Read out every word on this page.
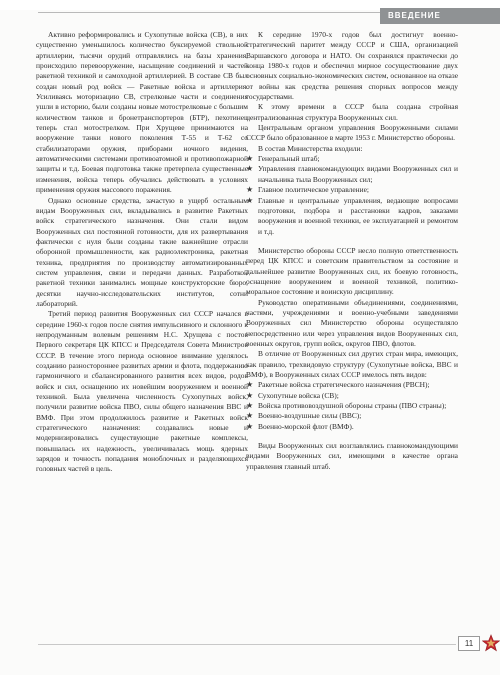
ВВЕДЕНИЕ

Активно реформировались и Сухопутные войска (СВ), в них существенно уменьшилось количество буксируемой ствольной артиллерии, тысячи орудий отправлялись на базы хранения, происходило перевооружение, насыщение соединений и частей ракетной техникой и самоходной артиллерией. В составе СВ был создан новый род войск — Ракетные войска и артиллерия. Усиливаясь моторизацию СВ, стрелковые части и соединения ушли в историю, были созданы новые мотострелковые с большим количеством танков и бронетранспортеров (БТР), пехотинец теперь стал мотострелком. При Хрущеве принимаются на вооружение танки нового поколения Т-55 и Т-62 со стабилизаторами оружия, приборами ночного видения, автоматическими системами противоатомной и противопожарной защиты и т.д. Боевая подготовка также претерпела существенные изменения, войска теперь обучались действовать в условиях применения оружия массового поражения.

Однако основные средства, зачастую в ущерб остальным видам Вооруженных сил, вкладывались в развитие Ракетных войск стратегического назначения. Они стали видом Вооруженных сил постоянной готовности, для их развертывания фактически с нуля были созданы такие важнейшие отрасли оборонной промышленности, как радиоэлектроника, ракетная техника, предприятия по производству автоматизированных систем управления, связи и передачи данных. Разработкой ракетной техники занимались мощные конструкторские бюро, десятки научно-исследовательских институтов, сотни лабораторий.

Третий период развития Вооруженных сил СССР начался в середине 1960-х годов после снятия импульсивного и склонного к непродуманным волевым решениям Н.С. Хрущева с постов Первого секретаря ЦК КПСС и Председателя Совета Министров СССР. В течение этого периода основное внимание уделялось созданию разностороннее развитых армии и флота, поддержанию гармоничного и сбалансированного развития всех видов, родов войск и сил, оснащению их новейшим вооружением и военной техникой. Была увеличена численность Сухопутных войск, получили развитие войска ПВО, силы общего назначения ВВС и ВМФ. При этом продолжилось развитие и Ракетных войск стратегического назначения: создавались новые и модернизировались существующие ракетные комплексы, повышалась их надежность, увеличивалась мощь ядерных зарядов и точность попадания моноблочных и разделяющихся головных частей в цель.

К середине 1970-х годов был достигнут военно-стратегический паритет между СССР и США, организацией Варшавского договора и НАТО. Он сохранялся практически до конца 1980-х годов и обеспечил мирное сосуществование двух основных социально-экономических систем, основанное на отказе от войны как средства решения спорных вопросов между государствами.

К этому времени в СССР была создана стройная централизованная структура Вооруженных сил.

Центральным органом управления Вооруженными силами СССР было образованное в марте 1953 г. Министерство обороны.

В состав Министерства входили:

★ Генеральный штаб;
★ Управления главнокомандующих видами Вооруженных сил и начальника тыла Вооруженных сил;
★ Главное политическое управление;
★ Главные и центральные управления, ведающие вопросами подготовки, подбора и расстановки кадров, заказами вооружения и военной техники, ее эксплуатацией и ремонтом и т.д.

Министерство обороны СССР несло полную ответственность перед ЦК КПСС и советским правительством за состояние и дальнейшее развитие Вооруженных сил, их боевую готовность, оснащение вооружением и военной техникой, политико-моральное состояние и воинскую дисциплину.

Руководство оперативными объединениями, соединениями, частями, учреждениями и военно-учебными заведениями Вооруженных сил Министерство обороны осуществляло непосредственно или через управления видов Вооруженных сил, военных округов, групп войск, округов ПВО, флотов.

В отличие от Вооруженных сил других стран мира, имеющих, как правило, трехвидовую структуру (Сухопутные войска, ВВС и ВМФ), в Вооруженных силах СССР имелось пять видов:

★ Ракетные войска стратегического назначения (РВСН);
★ Сухопутные войска (СВ);
★ Войска противовоздушной обороны страны (ПВО страны);
★ Военно-воздушные силы (ВВС);
★ Военно-морской флот (ВМФ).

Виды Вооруженных сил возглавлялись главнокомандующими видами Вооруженных сил, имеющими в качестве органа управления главный штаб.

11
